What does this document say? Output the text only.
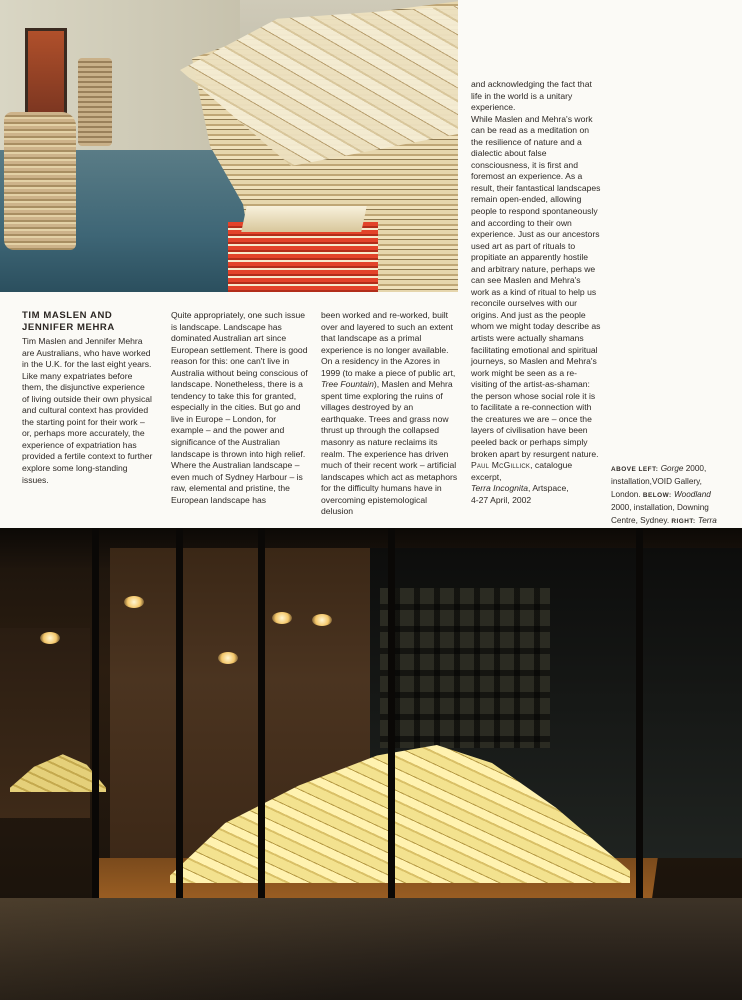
TIM MASLEN AND JENNIFER MEHRA

Tim Maslen and Jennifer Mehra are Australians, who have worked in the U.K. for the last eight years. Like many expatriates before them, the disjunctive experience of living outside their own physical and cultural context has provided the starting point for their work – or, perhaps more accurately, the experience of expatriation has provided a fertile context to further explore some long-standing issues.

Quite appropriately, one such issue is landscape. Landscape has dominated Australian art since European settlement. There is good reason for this: one can't live in Australia without being conscious of landscape. Nonetheless, there is a tendency to take this for granted, especially in the cities. But go and live in Europe – London, for example – and the power and significance of the Australian landscape is thrown into high relief. Where the Australian landscape – even much of Sydney Harbour – is raw, elemental and pristine, the European landscape has

been worked and re-worked, built over and layered to such an extent that landscape as a primal experience is no longer available.

On a residency in the Azores in 1999 (to make a piece of public art, Tree Fountain), Maslen and Mehra spent time exploring the ruins of villages destroyed by an earthquake. Trees and grass now thrust up through the collapsed masonry as nature reclaims its realm. The experience has driven much of their recent work – artificial landscapes which act as metaphors for the difficulty humans have in overcoming epistemological delusion

and acknowledging the fact that life in the world is a unitary experience.

While Maslen and Mehra's work can be read as a meditation on the resilience of nature and a dialectic about false consciousness, it is first and foremost an experience. As a result, their fantastical landscapes remain open-ended, allowing people to respond spontaneously and according to their own experience. Just as our ancestors used art as part of rituals to propitiate an apparently hostile and arbitrary nature, perhaps we can see Maslen and Mehra's work as a kind of ritual to help us reconcile ourselves with our origins. And just as the people whom we might today describe as artists were actually shamans facilitating emotional and spiritual journeys, so Maslen and Mehra's work might be seen as a re-visiting of the artist-as-shaman: the person whose social role it is to facilitate a re-connection with the creatures we are – once the layers of civilisation have been peeled back or perhaps simply broken apart by resurgent nature.

Paul McGillick, catalogue excerpt,
Terra Incognita, Artspace,
4-27 April, 2002

ABOVE LEFT: Gorge 2000, installation,VOID Gallery, London. BELOW: Woodland 2000, installation, Downing Centre, Sydney. RIGHT: Terra
